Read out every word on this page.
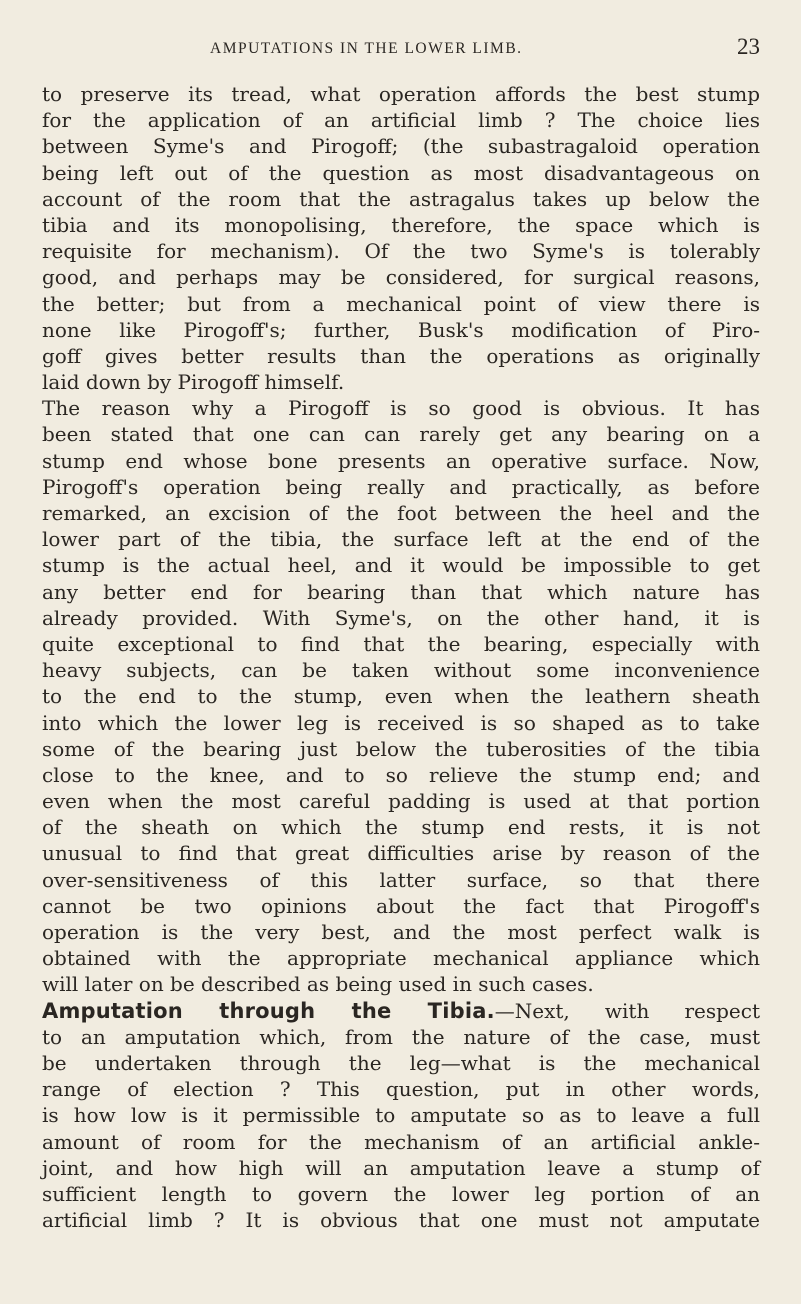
AMPUTATIONS IN THE LOWER LIMB.	23
to preserve its tread, what operation affords the best stump
for the application of an artificial limb ? The choice lies
between Syme's and Pirogoff; (the subastragaloid operation
being left out of the question as most disadvantageous on
account of the room that the astragalus takes up below the
tibia and its monopolising, therefore, the space which is
requisite for mechanism). Of the two Syme's is tolerably
good, and perhaps may be considered, for surgical reasons,
the better; but from a mechanical point of view there is
none like Pirogoff's; further, Busk's modification of Piro-
goff gives better results than the operations as originally
laid down by Pirogoff himself.
The reason why a Pirogoff is so good is obvious. It has
been stated that one can can rarely get any bearing on a
stump end whose bone presents an operative surface. Now,
Pirogoff's operation being really and practically, as before
remarked, an excision of the foot between the heel and the
lower part of the tibia, the surface left at the end of the
stump is the actual heel, and it would be impossible to get
any better end for bearing than that which nature has
already provided. With Syme's, on the other hand, it is
quite exceptional to find that the bearing, especially with
heavy subjects, can be taken without some inconvenience
to the end to the stump, even when the leathern sheath
into which the lower leg is received is so shaped as to take
some of the bearing just below the tuberosities of the tibia
close to the knee, and to so relieve the stump end; and
even when the most careful padding is used at that portion
of the sheath on which the stump end rests, it is not
unusual to find that great difficulties arise by reason of the
over-sensitiveness of this latter surface, so that there
cannot be two opinions about the fact that Pirogoff's
operation is the very best, and the most perfect walk is
obtained with the appropriate mechanical appliance which
will later on be described as being used in such cases.
Amputation through the Tibia.—Next, with respect
to an amputation which, from the nature of the case, must
be undertaken through the leg—what is the mechanical
range of election ? This question, put in other words,
is how low is it permissible to amputate so as to leave a full
amount of room for the mechanism of an artificial ankle-
joint, and how high will an amputation leave a stump of
sufficient length to govern the lower leg portion of an
artificial limb ? It is obvious that one must not amputate
